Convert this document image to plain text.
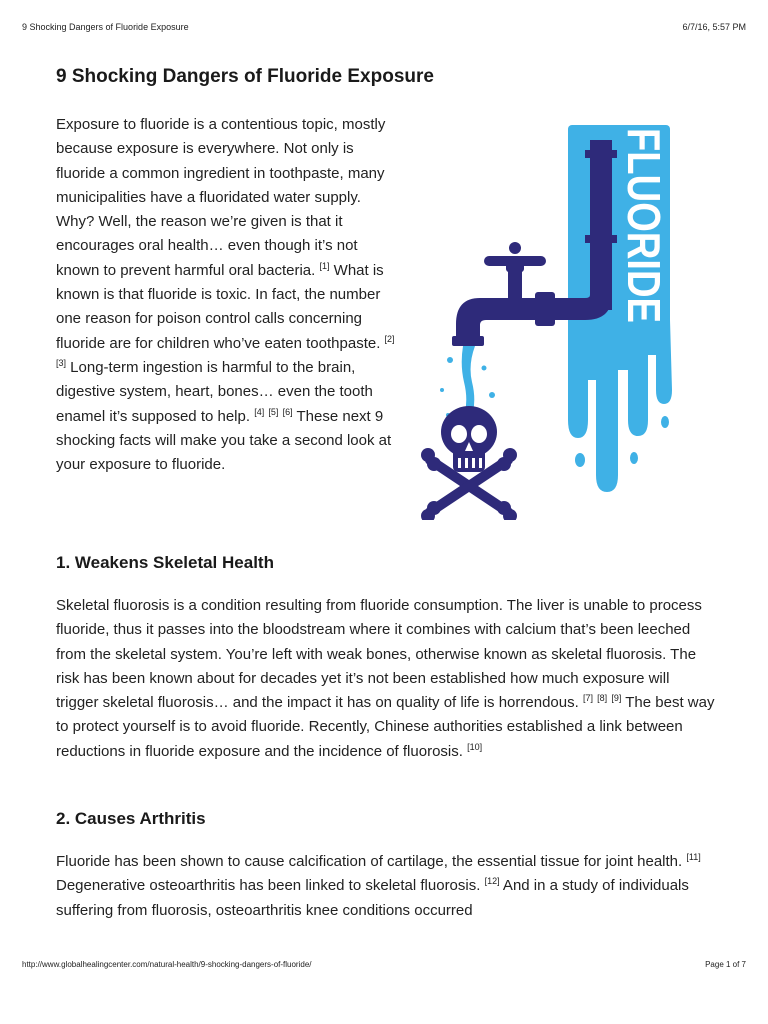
9 Shocking Dangers of Fluoride Exposure	6/7/16, 5:57 PM
9 Shocking Dangers of Fluoride Exposure

Exposure to fluoride is a contentious topic, mostly because exposure is everywhere. Not only is fluoride a common ingredient in toothpaste, many municipalities have a fluoridated water supply. Why? Well, the reason we’re given is that it encourages oral health… even though it’s not known to prevent harmful oral bacteria. [1] What is known is that fluoride is toxic. In fact, the number one reason for poison control calls concerning fluoride are for children who’ve eaten toothpaste. [2] [3] Long-term ingestion is harmful to the brain, digestive system, heart, bones… even the tooth enamel it’s supposed to help. [4] [5] [6] These next 9 shocking facts will make you take a second look at your exposure to fluoride.

FLUORIDE
1. Weakens Skeletal Health

Skeletal fluorosis is a condition resulting from fluoride consumption. The liver is unable to process fluoride, thus it passes into the bloodstream where it combines with calcium that’s been leeched from the skeletal system. You’re left with weak bones, otherwise known as skeletal fluorosis. The risk has been known about for decades yet it’s not been established how much exposure will trigger skeletal fluorosis… and the impact it has on quality of life is horrendous. [7] [8] [9] The best way to protect yourself is to avoid fluoride. Recently, Chinese authorities established a link between reductions in fluoride exposure and the incidence of fluorosis. [10]

2. Causes Arthritis

Fluoride has been shown to cause calcification of cartilage, the essential tissue for joint health. [11] Degenerative osteoarthritis has been linked to skeletal fluorosis. [12] And in a study of individuals suffering from fluorosis, osteoarthritis knee conditions occurred

http://www.globalhealingcenter.com/natural-health/9-shocking-dangers-of-fluoride/	Page 1 of 7
